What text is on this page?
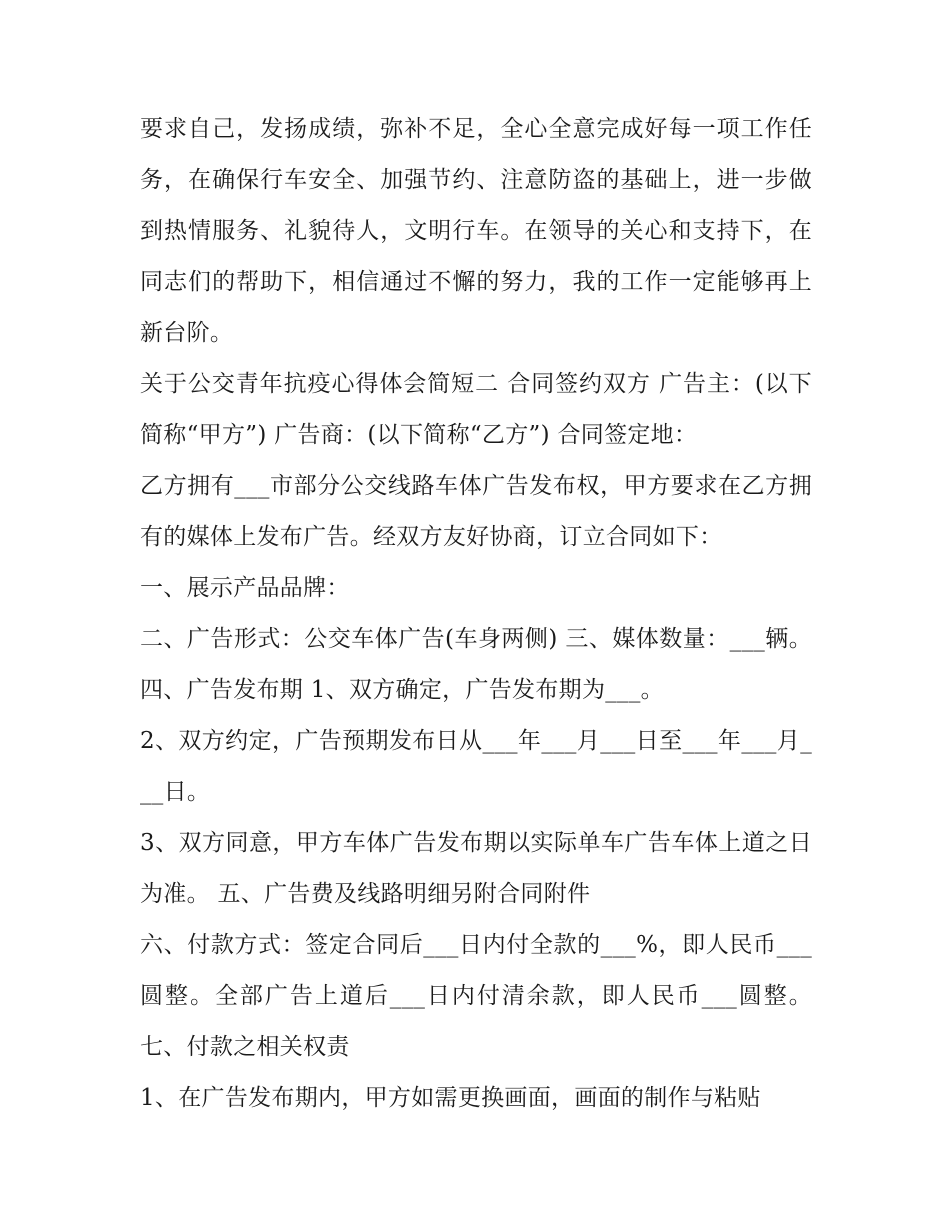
要求自己，发扬成绩，弥补不足，全心全意完成好每一项工作任务，在确保行车安全、加强节约、注意防盗的基础上，进一步做到热情服务、礼貌待人，文明行车。在领导的关心和支持下，在同志们的帮助下，相信通过不懈的努力，我的工作一定能够再上新台阶。

关于公交青年抗疫心得体会简短二 合同签约双方 广告主：(以下简称“甲方”) 广告商：(以下简称“乙方”) 合同签定地：

乙方拥有___市部分公交线路车体广告发布权，甲方要求在乙方拥有的媒体上发布广告。经双方友好协商，订立合同如下：

一、展示产品品牌：

二、广告形式：公交车体广告(车身两侧) 三、媒体数量：___辆。 四、广告发布期 1、双方确定，广告发布期为___。

2、双方约定，广告预期发布日从___年___月___日至___年___月___日。

3、双方同意，甲方车体广告发布期以实际单车广告车体上道之日为准。 五、广告费及线路明细另附合同附件

六、付款方式：签定合同后___日内付全款的___%，即人民币___圆整。全部广告上道后___日内付清余款，即人民币___圆整。 七、付款之相关权责

1、在广告发布期内，甲方如需更换画面，画面的制作与粘贴
